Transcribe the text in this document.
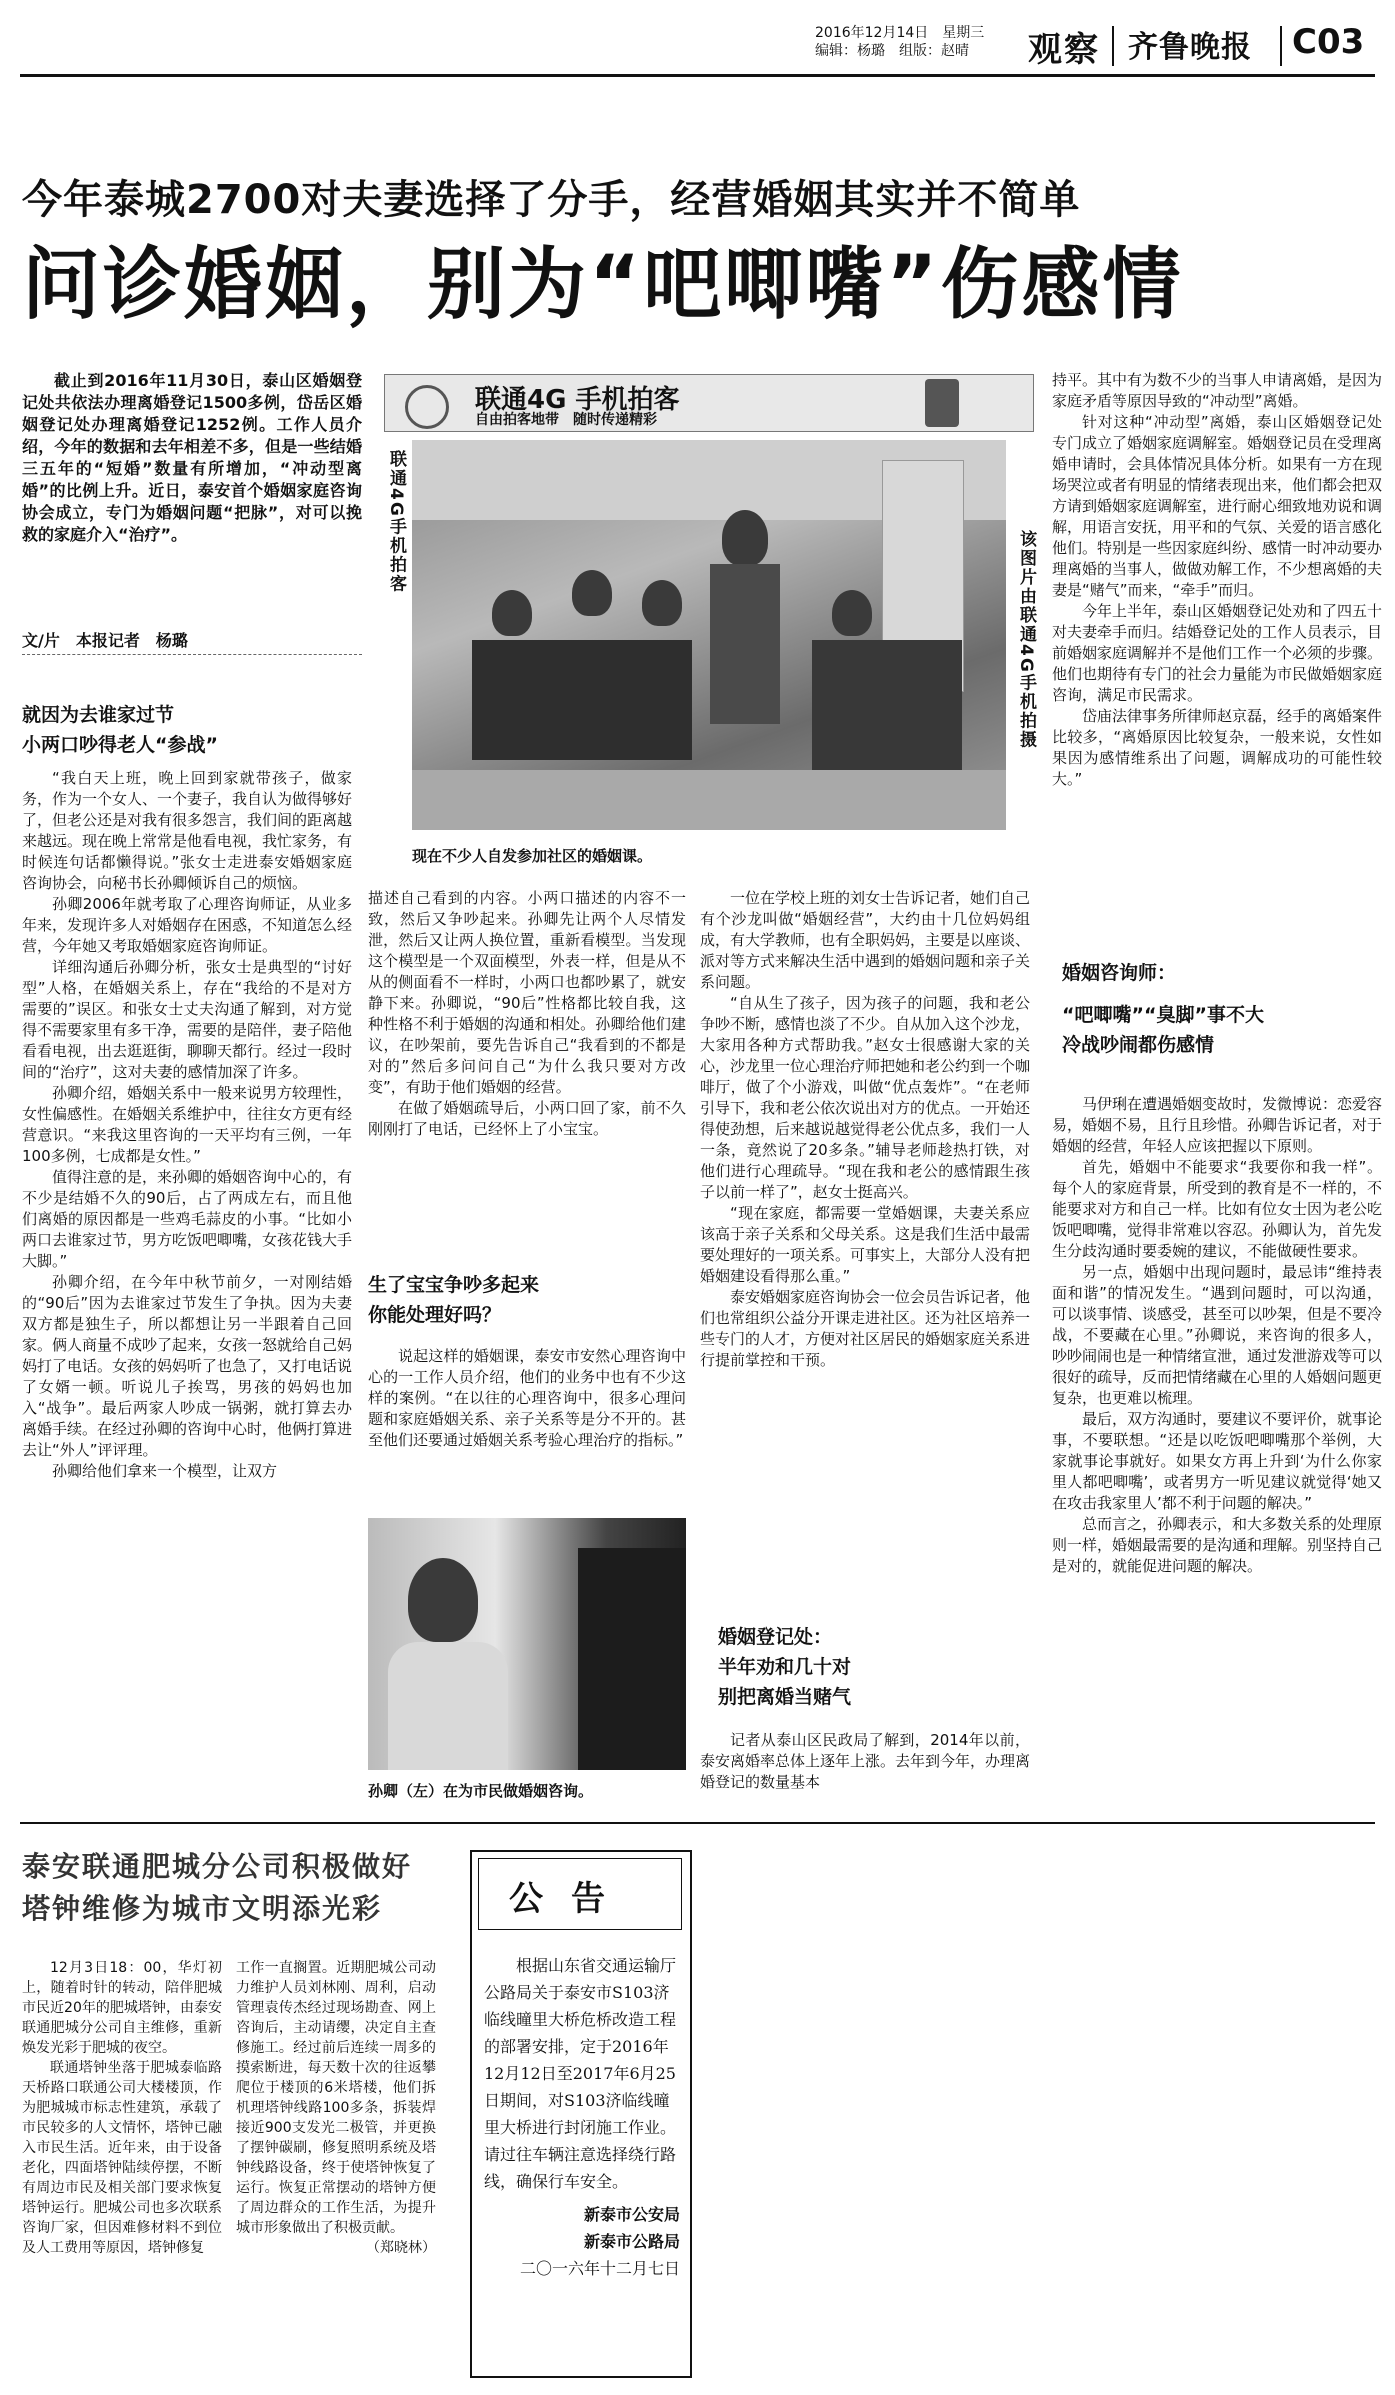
2016年12月14日　星期三
编辑：杨璐　组版：赵晴	观察 齐鲁晚报 C03
今年泰城2700对夫妻选择了分手，经营婚姻其实并不简单
问诊婚姻，别为“吧唧嘴”伤感情

截止到2016年11月30日，泰山区婚姻登记处共依法办理离婚登记1500多例，岱岳区婚姻登记处办理离婚登记1252例。工作人员介绍，今年的数据和去年相差不多，但是一些结婚三五年的“短婚”数量有所增加，“冲动型离婚”的比例上升。近日，泰安首个婚姻家庭咨询协会成立，专门为婚姻问题“把脉”，对可以挽救的家庭介入“治疗”。

文/片　本报记者　杨璐
联通4G 手机拍客
自由拍客地带　随时传递精彩
联通4G手机拍客
该图片由联通4G手机拍摄
现在不少人自发参加社区的婚姻课。
就因为去谁家过节
小两口吵得老人“参战”

“我白天上班，晚上回到家就带孩子，做家务，作为一个女人、一个妻子，我自认为做得够好了，但老公还是对我有很多怨言，我们间的距离越来越远。现在晚上常常是他看电视，我忙家务，有时候连句话都懒得说。”张女士走进泰安婚姻家庭咨询协会，向秘书长孙卿倾诉自己的烦恼。

孙卿2006年就考取了心理咨询师证，从业多年来，发现许多人对婚姻存在困惑，不知道怎么经营，今年她又考取婚姻家庭咨询师证。

详细沟通后孙卿分析，张女士是典型的“讨好型”人格，在婚姻关系上，存在“我给的不是对方需要的”误区。和张女士丈夫沟通了解到，对方觉得不需要家里有多干净，需要的是陪伴，妻子陪他看看电视，出去逛逛街，聊聊天都行。经过一段时间的“治疗”，这对夫妻的感情加深了许多。

孙卿介绍，婚姻关系中一般来说男方较理性，女性偏感性。在婚姻关系维护中，往往女方更有经营意识。“来我这里咨询的一天平均有三例，一年100多例，七成都是女性。”

值得注意的是，来孙卿的婚姻咨询中心的，有不少是结婚不久的90后，占了两成左右，而且他们离婚的原因都是一些鸡毛蒜皮的小事。“比如小两口去谁家过节，男方吃饭吧唧嘴，女孩花钱大手大脚。”

孙卿介绍，在今年中秋节前夕，一对刚结婚的“90后”因为去谁家过节发生了争执。因为夫妻双方都是独生子，所以都想让另一半跟着自己回家。俩人商量不成吵了起来，女孩一怒就给自己妈妈打了电话。女孩的妈妈听了也急了，又打电话说了女婿一顿。听说儿子挨骂，男孩的妈妈也加入“战争”。最后两家人吵成一锅粥，就打算去办离婚手续。在经过孙卿的咨询中心时，他俩打算进去让“外人”评评理。

孙卿给他们拿来一个模型，让双方

描述自己看到的内容。小两口描述的内容不一致，然后又争吵起来。孙卿先让两个人尽情发泄，然后又让两人换位置，重新看模型。当发现这个模型是一个双面模型，外表一样，但是从不从的侧面看不一样时，小两口也都吵累了，就安静下来。孙卿说，“90后”性格都比较自我，这种性格不利于婚姻的沟通和相处。孙卿给他们建议，在吵架前，要先告诉自己“我看到的不都是对的”然后多问问自己“为什么我只要对方改变”，有助于他们婚姻的经营。

在做了婚姻疏导后，小两口回了家，前不久刚刚打了电话，已经怀上了小宝宝。

生了宝宝争吵多起来
你能处理好吗？

说起这样的婚姻课，泰安市安然心理咨询中心的一工作人员介绍，他们的业务中也有不少这样的案例。“在以往的心理咨询中，很多心理问题和家庭婚姻关系、亲子关系等是分不开的。甚至他们还要通过婚姻关系考验心理治疗的指标。”

孙卿（左）在为市民做婚姻咨询。

一位在学校上班的刘女士告诉记者，她们自己有个沙龙叫做“婚姻经营”，大约由十几位妈妈组成，有大学教师，也有全职妈妈，主要是以座谈、派对等方式来解决生活中遇到的婚姻问题和亲子关系问题。

“自从生了孩子，因为孩子的问题，我和老公争吵不断，感情也淡了不少。自从加入这个沙龙，大家用各种方式帮助我。”赵女士很感谢大家的关心，沙龙里一位心理治疗师把她和老公约到一个咖啡厅，做了个小游戏，叫做“优点轰炸”。“在老师引导下，我和老公依次说出对方的优点。一开始还得使劲想，后来越说越觉得老公优点多，我们一人一条，竟然说了20多条。”辅导老师趁热打铁，对他们进行心理疏导。“现在我和老公的感情跟生孩子以前一样了”，赵女士挺高兴。

“现在家庭，都需要一堂婚姻课，夫妻关系应该高于亲子关系和父母关系。这是我们生活中最需要处理好的一项关系。可事实上，大部分人没有把婚姻建设看得那么重。”

泰安婚姻家庭咨询协会一位会员告诉记者，他们也常组织公益分开课走进社区。还为社区培养一些专门的人才，方便对社区居民的婚姻家庭关系进行提前掌控和干预。

婚姻登记处：
半年劝和几十对
别把离婚当赌气

记者从泰山区民政局了解到，2014年以前，泰安离婚率总体上逐年上涨。去年到今年，办理离婚登记的数量基本

持平。其中有为数不少的当事人申请离婚，是因为家庭矛盾等原因导致的“冲动型”离婚。

针对这种“冲动型”离婚，泰山区婚姻登记处专门成立了婚姻家庭调解室。婚姻登记员在受理离婚申请时，会具体情况具体分析。如果有一方在现场哭泣或者有明显的情绪表现出来，他们都会把双方请到婚姻家庭调解室，进行耐心细致地劝说和调解，用语言安抚，用平和的气氛、关爱的语言感化他们。特别是一些因家庭纠纷、感情一时冲动要办理离婚的当事人，做做劝解工作，不少想离婚的夫妻是“赌气”而来，“牵手”而归。

今年上半年，泰山区婚姻登记处劝和了四五十对夫妻牵手而归。结婚登记处的工作人员表示，目前婚姻家庭调解并不是他们工作一个必须的步骤。他们也期待有专门的社会力量能为市民做婚姻家庭咨询，满足市民需求。

岱庙法律事务所律师赵京磊，经手的离婚案件比较多，“离婚原因比较复杂，一般来说，女性如果因为感情维系出了问题，调解成功的可能性较大。”

婚姻咨询师：
“吧唧嘴”“臭脚”事不大
冷战吵闹都伤感情

马伊琍在遭遇婚姻变故时，发微博说：恋爱容易，婚姻不易，且行且珍惜。孙卿告诉记者，对于婚姻的经营，年轻人应该把握以下原则。

首先，婚姻中不能要求“我要你和我一样”。每个人的家庭背景，所受到的教育是不一样的，不能要求对方和自己一样。比如有位女士因为老公吃饭吧唧嘴，觉得非常难以容忍。孙卿认为，首先发生分歧沟通时要委婉的建议，不能做硬性要求。

另一点，婚姻中出现问题时，最忌讳“维持表面和谐”的情况发生。“遇到问题时，可以沟通，可以谈事情、谈感受，甚至可以吵架，但是不要冷战，不要藏在心里。”孙卿说，来咨询的很多人，吵吵闹闹也是一种情绪宣泄，通过发泄游戏等可以很好的疏导，反而把情绪藏在心里的人婚姻问题更复杂，也更难以梳理。

最后，双方沟通时，要建议不要评价，就事论事，不要联想。“还是以吃饭吧唧嘴那个举例，大家就事论事就好。如果女方再上升到‘为什么你家里人都吧唧嘴’，或者男方一听见建议就觉得‘她又在攻击我家里人’都不利于问题的解决。”

总而言之，孙卿表示，和大多数关系的处理原则一样，婚姻最需要的是沟通和理解。别坚持自己是对的，就能促进问题的解决。

泰安联通肥城分公司积极做好
塔钟维修为城市文明添光彩

12月3日18：00，华灯初上，随着时针的转动，陪伴肥城市民近20年的肥城塔钟，由泰安联通肥城分公司自主维修，重新焕发光彩于肥城的夜空。

联通塔钟坐落于肥城泰临路天桥路口联通公司大楼楼顶，作为肥城城市标志性建筑，承载了市民较多的人文情怀，塔钟已融入市民生活。近年来，由于设备老化，四面塔钟陆续停摆，不断有周边市民及相关部门要求恢复塔钟运行。肥城公司也多次联系咨询厂家，但因难修材料不到位及人工费用等原因，塔钟修复

工作一直搁置。近期肥城公司动力维护人员刘林刚、周利，启动管理袁传杰经过现场勘查、网上咨询后，主动请缨，决定自主查修施工。经过前后连续一周多的摸索断进，每天数十次的往返攀爬位于楼顶的6米塔楼，他们拆机理塔钟线路100多条，拆装焊接近900支发光二极管，并更换了摆钟碳刷，修复照明系统及塔钟线路设备，终于使塔钟恢复了运行。恢复正常摆动的塔钟方便了周边群众的工作生活，为提升城市形象做出了积极贡献。

（郑晓林）
公告

根据山东省交通运输厅公路局关于泰安市S103济临线曈里大桥危桥改造工程的部署安排，定于2016年12月12日至2017年6月25日期间，对S103济临线曈里大桥进行封闭施工作业。请过往车辆注意选择绕行路线，确保行车安全。

新泰市公安局
新泰市公路局
二〇一六年十二月七日
